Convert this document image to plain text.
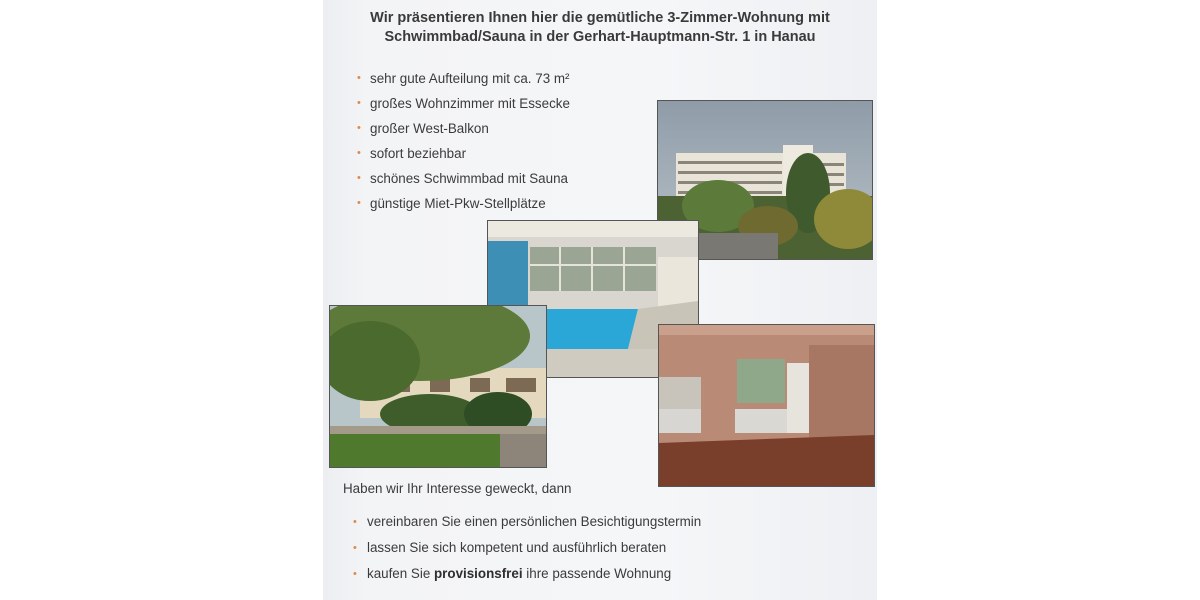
Wir präsentieren Ihnen hier die gemütliche 3-Zimmer-Wohnung mit
Schwimmbad/Sauna in der Gerhart-Hauptmann-Str. 1 in Hanau
• sehr gute Aufteilung mit ca. 73 m²
• großes Wohnzimmer mit Essecke
• großer West-Balkon
• sofort beziehbar
• schönes Schwimmbad mit Sauna
• günstige Miet-Pkw-Stellplätze
Haben wir Ihr Interesse geweckt, dann
• vereinbaren Sie einen persönlichen Besichtigungstermin
• lassen Sie sich kompetent und ausführlich beraten
• kaufen Sie provisionsfrei ihre passende Wohnung
